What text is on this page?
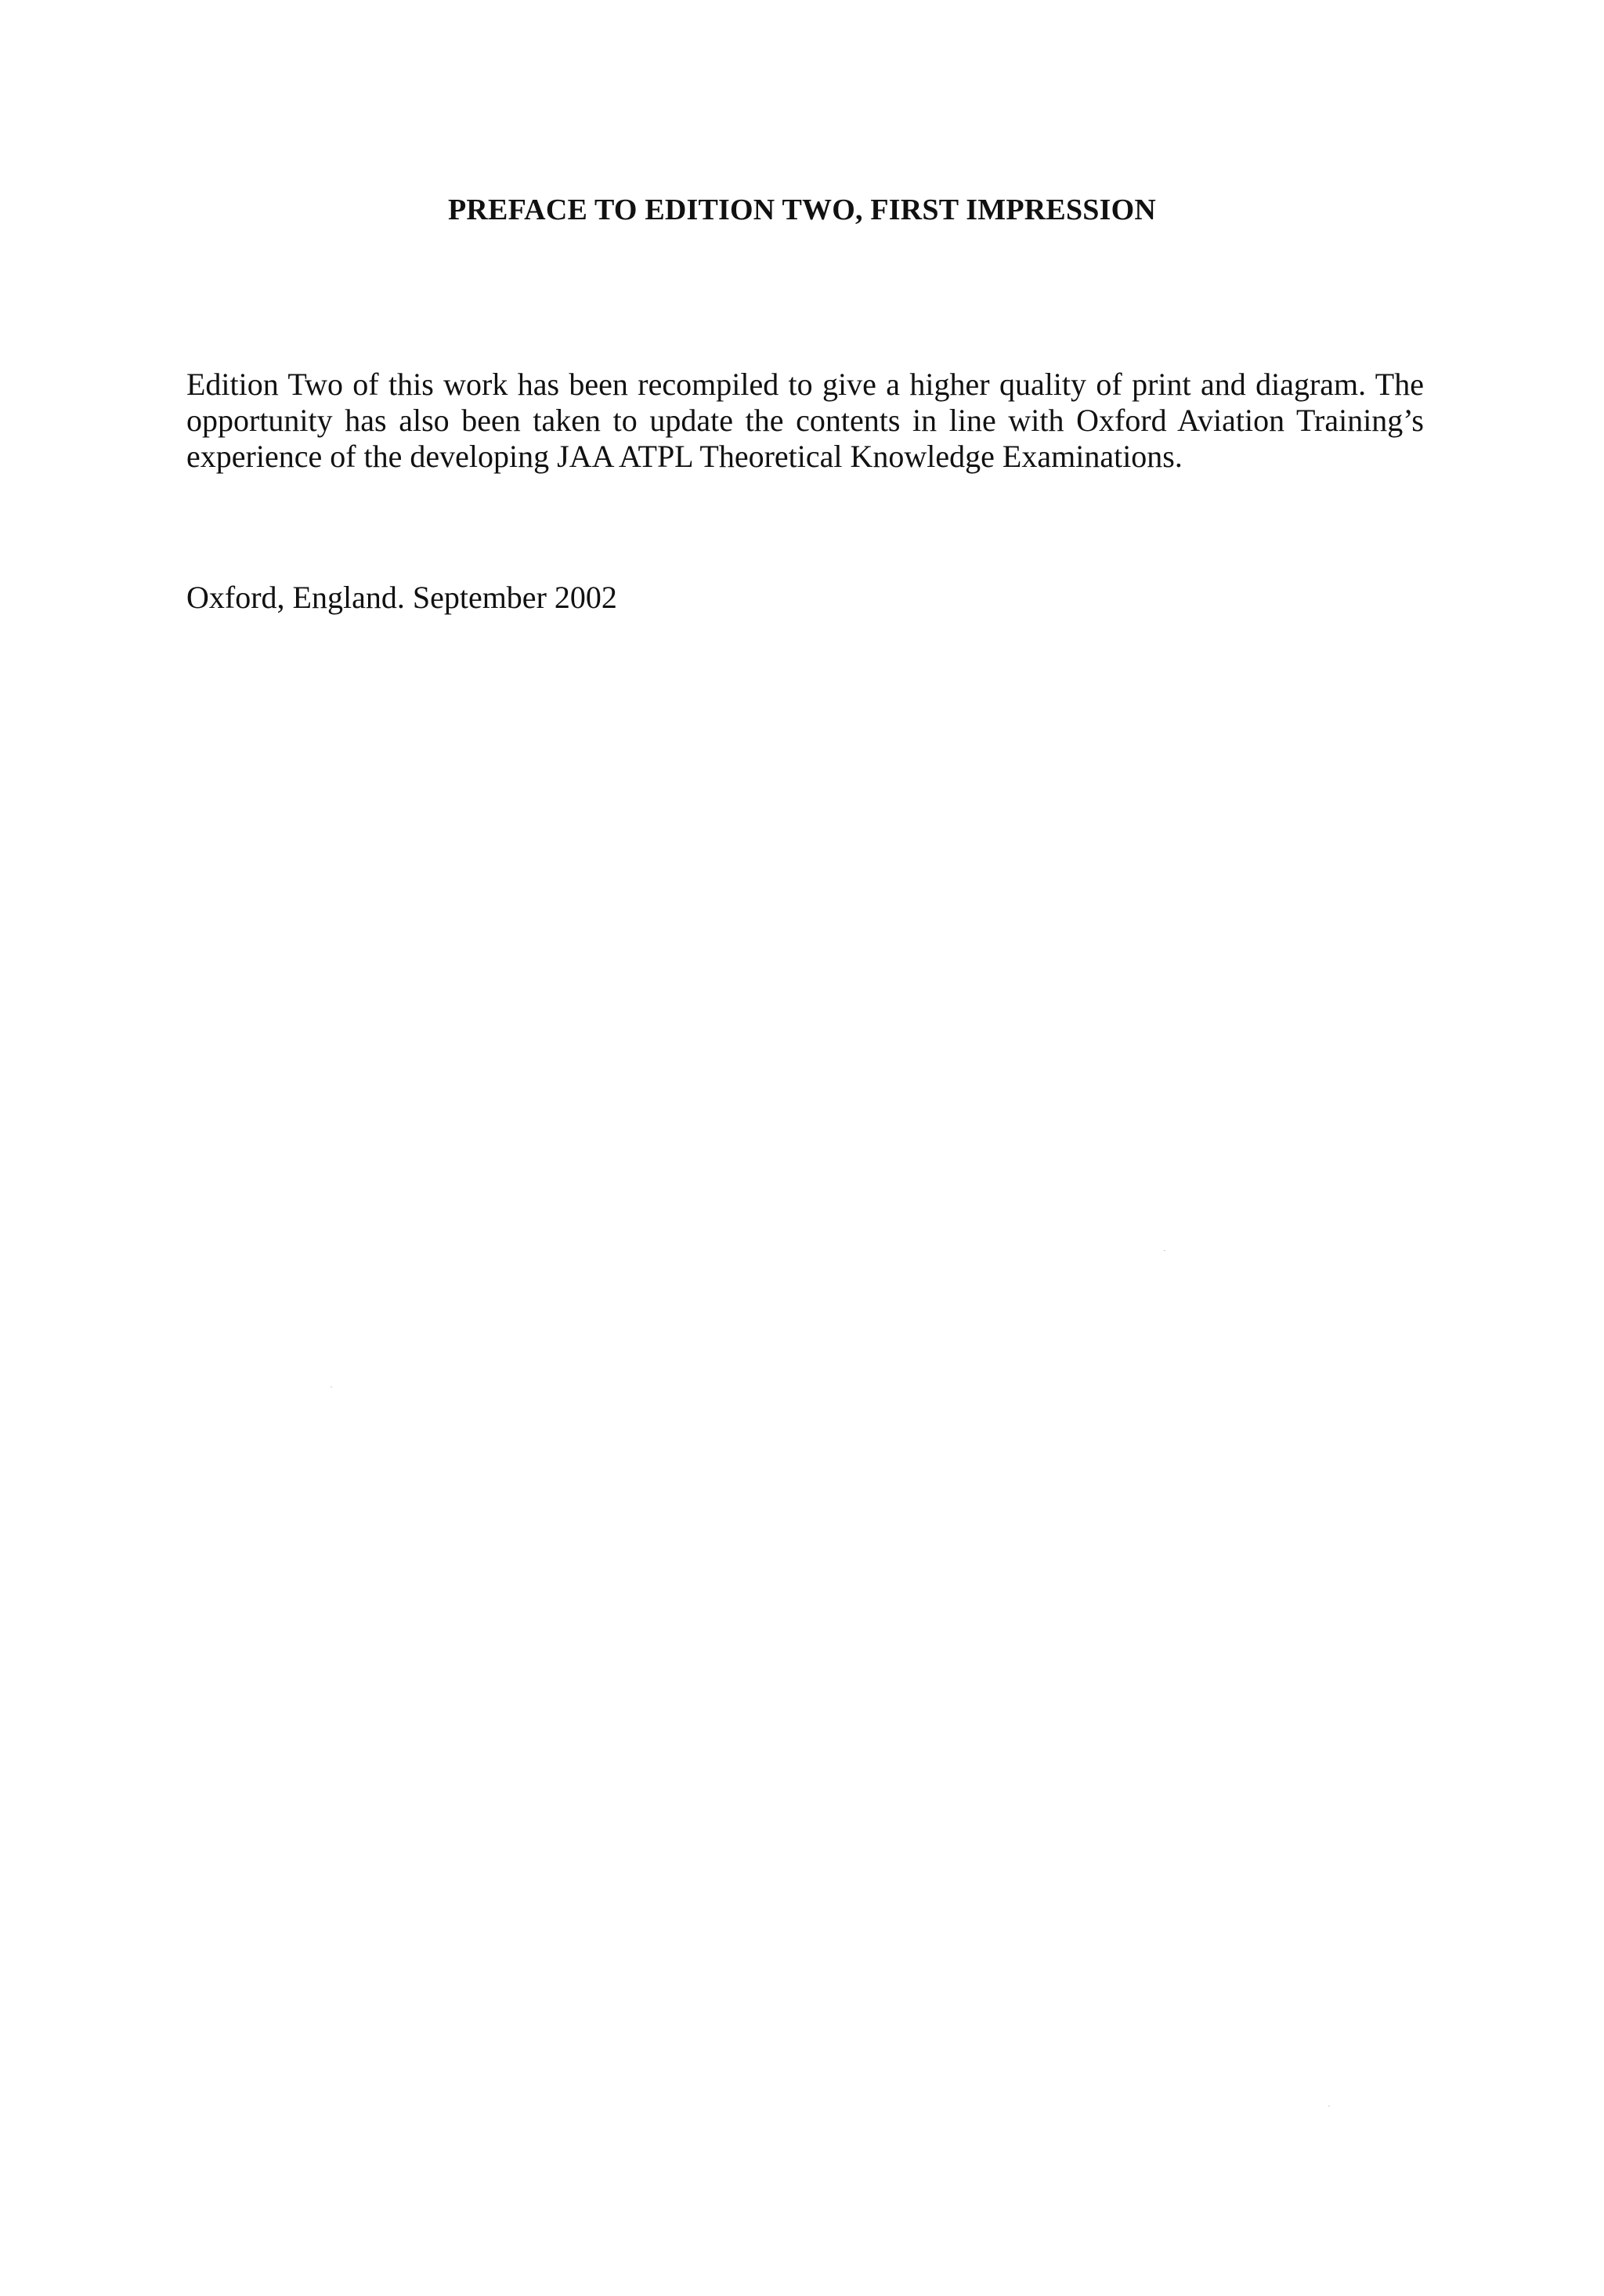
PREFACE TO EDITION TWO, FIRST IMPRESSION

Edition Two of this work has been recompiled to give a higher quality of print and diagram. The
opportunity has also been taken to update the contents in line with Oxford Aviation Training’s
experience of the developing JAA ATPL Theoretical Knowledge Examinations.

Oxford, England. September 2002
